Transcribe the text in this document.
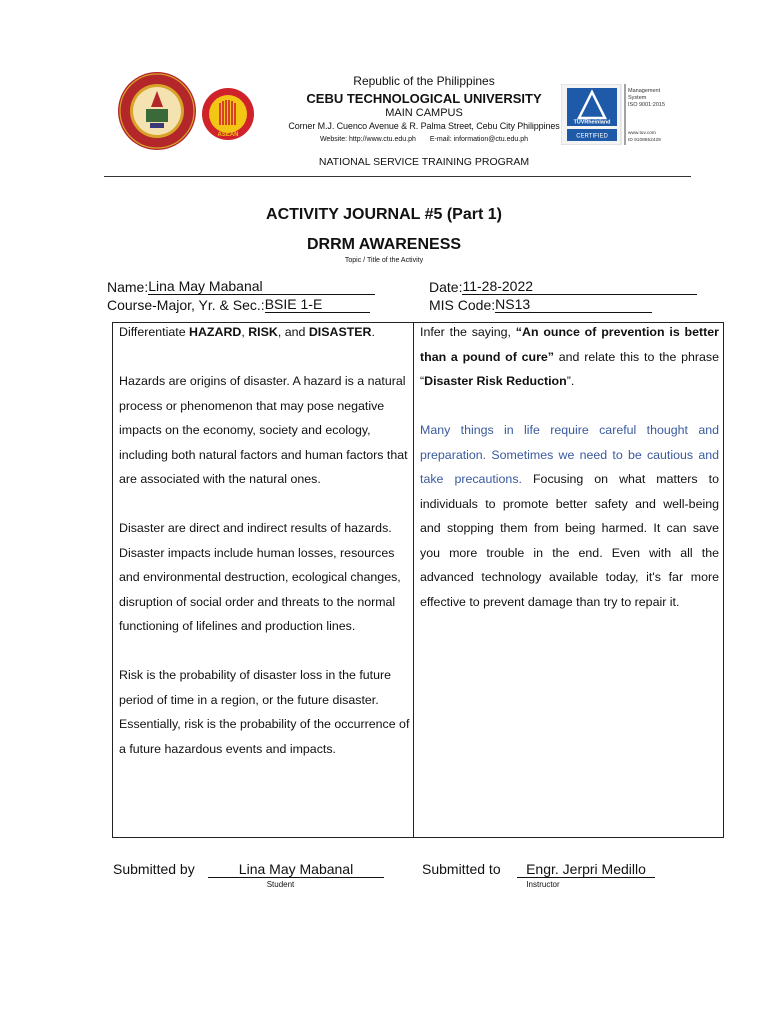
ASEAN
Republic of the Philippines
CEBU TECHNOLOGICAL UNIVERSITY
MAIN CAMPUS
Corner M.J. Cuenco Avenue & R. Palma Street, Cebu City Philippines
Website: http://www.ctu.edu.ph E-mail: information@ctu.edu.ph
NATIONAL SERVICE TRAINING PROGRAM
TÜVRheinland
CERTIFIED
Management
System
ISO 9001:2015
www.tuv.com
ID 9108652429
ACTIVITY JOURNAL #5 (Part 1)
DRRM AWARENESS
Topic / Title of the Activity
Name: Lina May Mabanal	Date: 11-28-2022
Course-Major, Yr. & Sec.: BSIE 1-E	MIS Code: NS13

Differentiate HAZARD, RISK, and DISASTER.

Hazards are origins of disaster. A hazard is a natural process or phenomenon that may pose negative impacts on the economy, society and ecology, including both natural factors and human factors that are associated with the natural ones.

Disaster are direct and indirect results of hazards. Disaster impacts include human losses, resources and environmental destruction, ecological changes, disruption of social order and threats to the normal functioning of lifelines and production lines.

Risk is the probability of disaster loss in the future period of time in a region, or the future disaster. Essentially, risk is the probability of the occurrence of a future hazardous events and impacts.

Infer the saying, “An ounce of prevention is better than a pound of cure” and relate this to the phrase “Disaster Risk Reduction”.

Many things in life require careful thought and preparation. Sometimes we need to be cautious and take precautions. Focusing on what matters to individuals to promote better safety and well-being and stopping them from being harmed. It can save you more trouble in the end. Even with all the advanced technology available today, it's far more effective to prevent damage than try to repair it.

Submitted by	Lina May Mabanal
Student
Submitted to	Engr. Jerpri Medillo
Instructor
